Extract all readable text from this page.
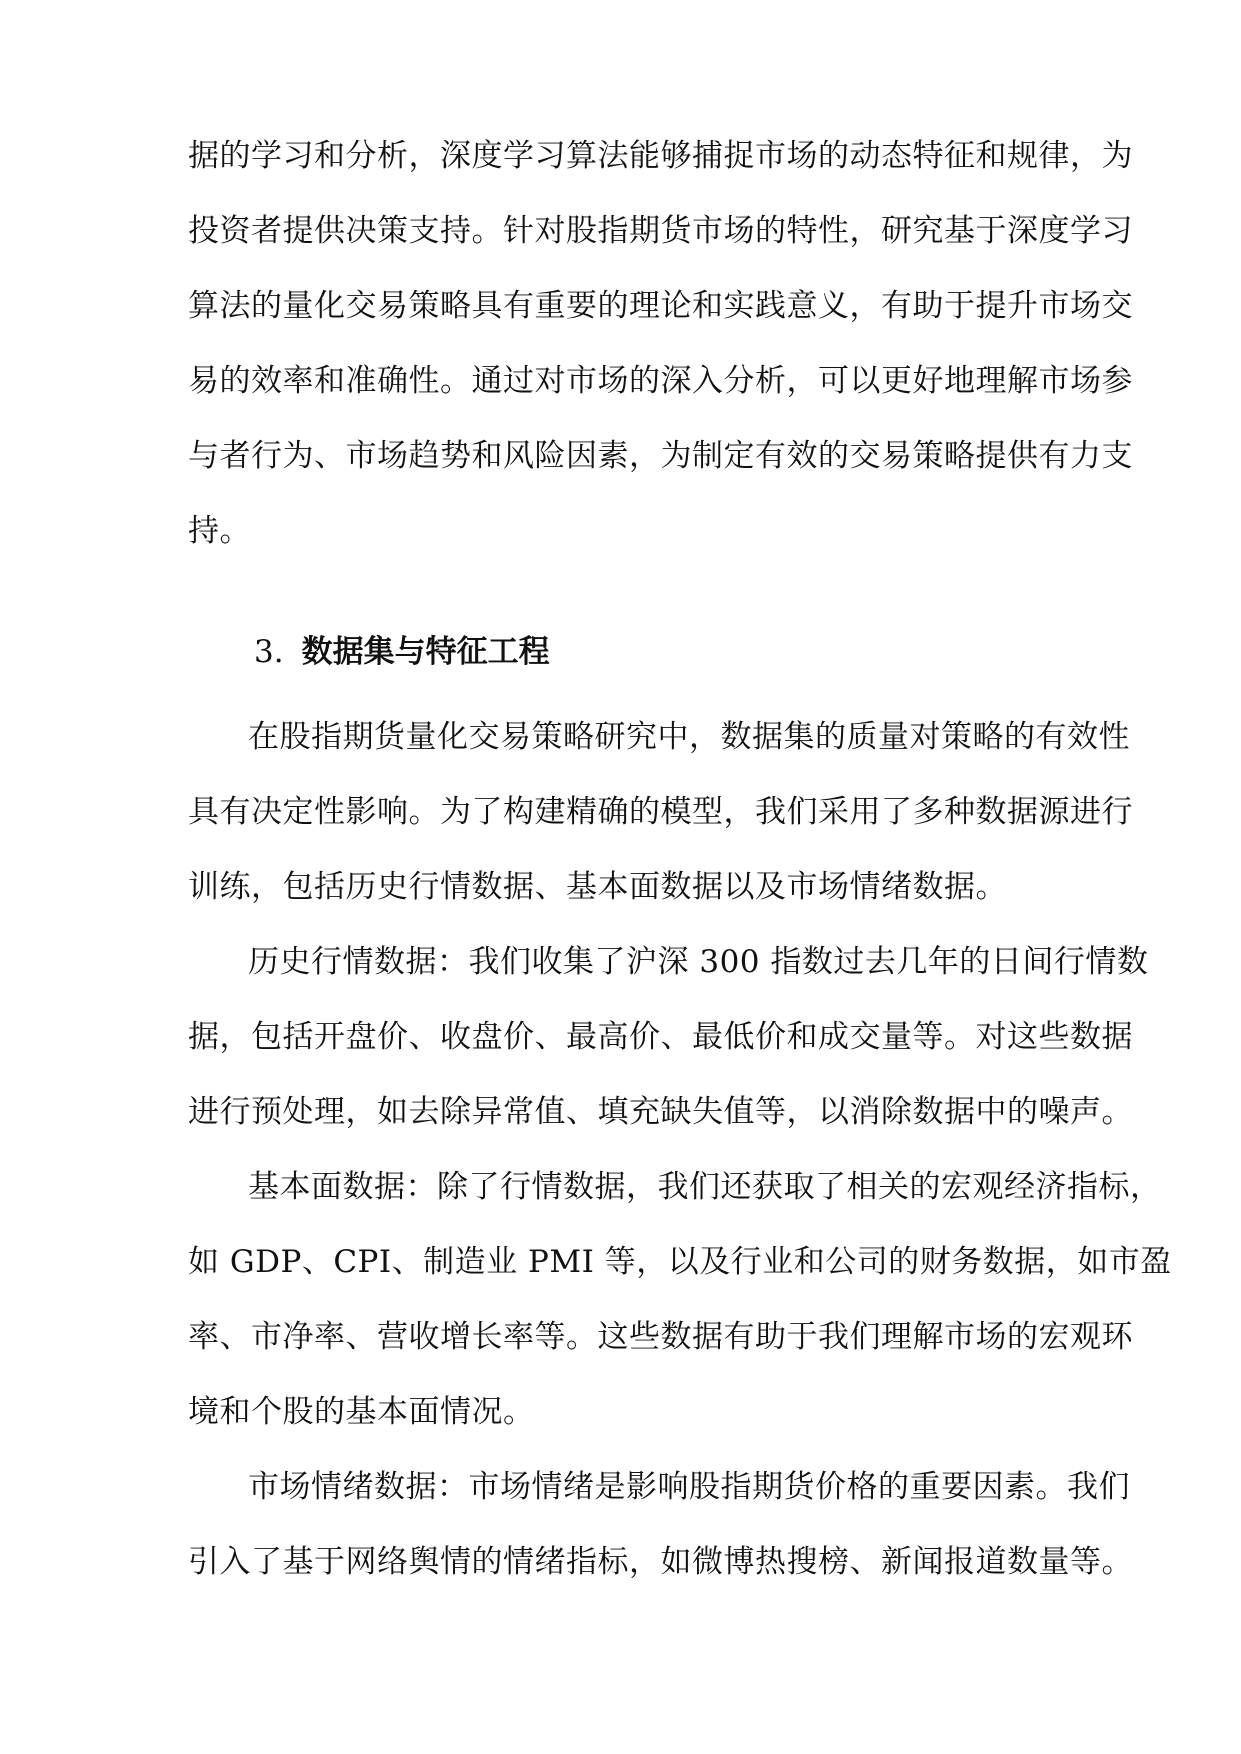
据的学习和分析，深度学习算法能够捕捉市场的动态特征和规律，为
投资者提供决策支持。针对股指期货市场的特性，研究基于深度学习
算法的量化交易策略具有重要的理论和实践意义，有助于提升市场交
易的效率和准确性。通过对市场的深入分析，可以更好地理解市场参
与者行为、市场趋势和风险因素，为制定有效的交易策略提供有力支
持。
3. 数据集与特征工程
在股指期货量化交易策略研究中，数据集的质量对策略的有效性
具有决定性影响。为了构建精确的模型，我们采用了多种数据源进行
训练，包括历史行情数据、基本面数据以及市场情绪数据。
历史行情数据：我们收集了沪深 300 指数过去几年的日间行情数
据，包括开盘价、收盘价、最高价、最低价和成交量等。对这些数据
进行预处理，如去除异常值、填充缺失值等，以消除数据中的噪声。
基本面数据：除了行情数据，我们还获取了相关的宏观经济指标，
如 GDP、CPI、制造业 PMI 等，以及行业和公司的财务数据，如市盈
率、市净率、营收增长率等。这些数据有助于我们理解市场的宏观环
境和个股的基本面情况。
市场情绪数据：市场情绪是影响股指期货价格的重要因素。我们
引入了基于网络舆情的情绪指标，如微博热搜榜、新闻报道数量等。
